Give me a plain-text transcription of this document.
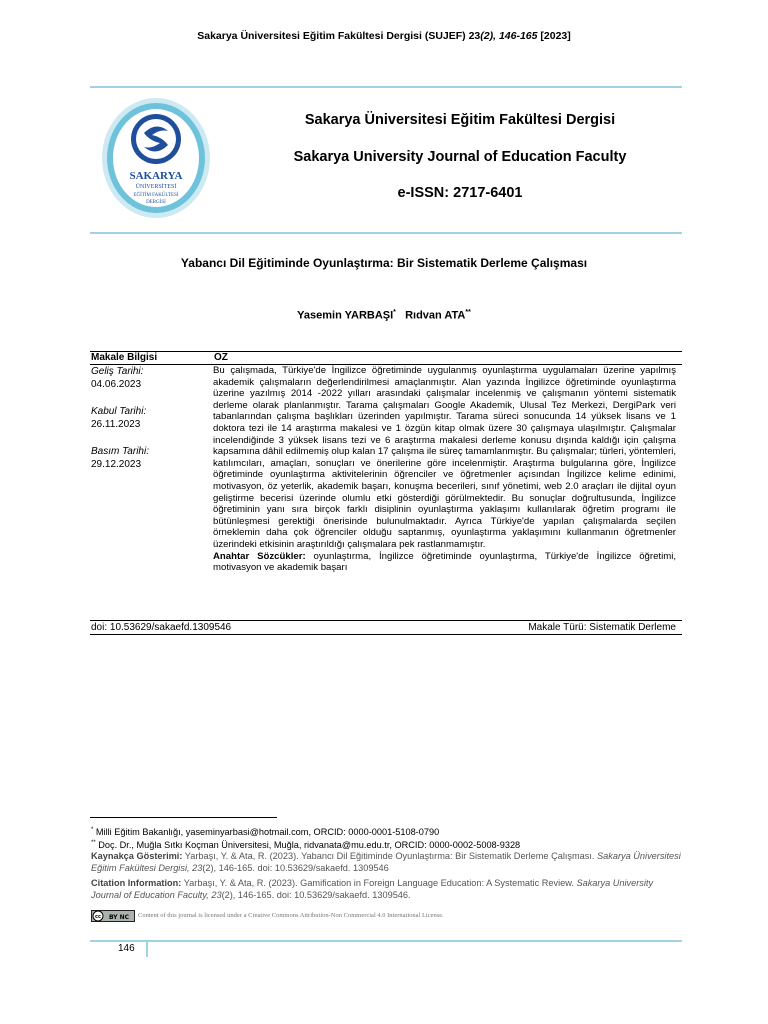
Sakarya Üniversitesi Eğitim Fakültesi Dergisi (SUJEF) 23(2), 146-165 [2023]
SAKARYA
ÜNİVERSİTESİ
EĞİTİM FAKÜLTESİ
DERGİSİ
Sakarya Üniversitesi Eğitim Fakültesi Dergisi
Sakarya University Journal of Education Faculty
e-ISSN: 2717-6401
Yabancı Dil Eğitiminde Oyunlaştırma: Bir Sistematik Derleme Çalışması
Yasemin YARBAŞI* Rıdvan ATA**
Makale Bilgisi	ÖZ
Geliş Tarihi:
04.06.2023
Kabul Tarihi:
26.11.2023
Basım Tarihi:
29.12.2023
Bu çalışmada, Türkiye'de İngilizce öğretiminde uygulanmış oyunlaştırma uygulamaları üzerine yapılmış akademik çalışmaların değerlendirilmesi amaçlanmıştır. Alan yazında İngilizce öğretiminde oyunlaştırma üzerine yazılmış 2014 -2022 yılları arasındaki çalışmalar incelenmiş ve çalışmanın yöntemi sistematik derleme olarak planlanmıştır. Tarama çalışmaları Google Akademik, Ulusal Tez Merkezi, DergiPark veri tabanlarından çalışma başlıkları üzerinden yapılmıştır. Tarama süreci sonucunda 14 yüksek lisans ve 1 doktora tezi ile 14 araştırma makalesi ve 1 özgün kitap olmak üzere 30 çalışmaya ulaşılmıştır. Çalışmalar incelendiğinde 3 yüksek lisans tezi ve 6 araştırma makalesi derleme konusu dışında kaldığı için çalışma kapsamına dâhil edilmemiş olup kalan 17 çalışma ile süreç tamamlanmıştır. Bu çalışmalar; türleri, yöntemleri, katılımcıları, amaçları, sonuçları ve önerilerine göre incelenmiştir. Araştırma bulgularına göre, İngilizce öğretiminde oyunlaştırma aktivitelerinin öğrenciler ve öğretmenler açısından İngilizce kelime edinimi, motivasyon, öz yeterlik, akademik başarı, konuşma becerileri, sınıf yönetimi, web 2.0 araçları ile dijital oyun geliştirme becerisi üzerinde olumlu etki gösterdiği görülmektedir. Bu sonuçlar doğrultusunda, İngilizce öğretiminin yanı sıra birçok farklı disiplinin oyunlaştırma yaklaşımı kullanılarak öğretim programı ile bütünleşmesi gerektiği önerisinde bulunulmaktadır. Ayrıca Türkiye'de yapılan çalışmalarda seçilen örneklemin daha çok öğrenciler olduğu saptanmış, oyunlaştırma yaklaşımını kullanmanın öğretmenler üzerindeki etkisinin araştırıldığı çalışmalara pek rastlanmamıştır.
Anahtar Sözcükler: oyunlaştırma, İngilizce öğretiminde oyunlaştırma, Türkiye'de İngilizce öğretimi, motivasyon ve akademik başarı
doi: 10.53629/sakaefd.1309546	Makale Türü: Sistematik Derleme
* Milli Eğitim Bakanlığı, yaseminyarbasi@hotmail.com, ORCID: 0000-0001-5108-0790
** Doç. Dr., Muğla Sıtkı Koçman Üniversitesi, Muğla, ridvanata@mu.edu.tr, ORCID: 0000-0002-5008-9328
Kaynakça Gösterimi: Yarbaşı, Y. & Ata, R. (2023). Yabancı Dil Eğitiminde Oyunlaştırma: Bir Sistematik Derleme Çalışması. Sakarya Üniversitesi Eğitim Fakültesi Dergisi, 23(2), 146-165. doi: 10.53629/sakaefd. 1309546
Citation Information: Yarbaşı, Y. & Ata, R. (2023). Gamification in Foreign Language Education: A Systematic Review. Sakarya University Journal of Education Faculty, 23(2), 146-165. doi: 10.53629/sakaefd. 1309546.
cc BY NC Content of this journal is licensed under a Creative Commons Attribution-Non Commercial 4.0 International License.
146
